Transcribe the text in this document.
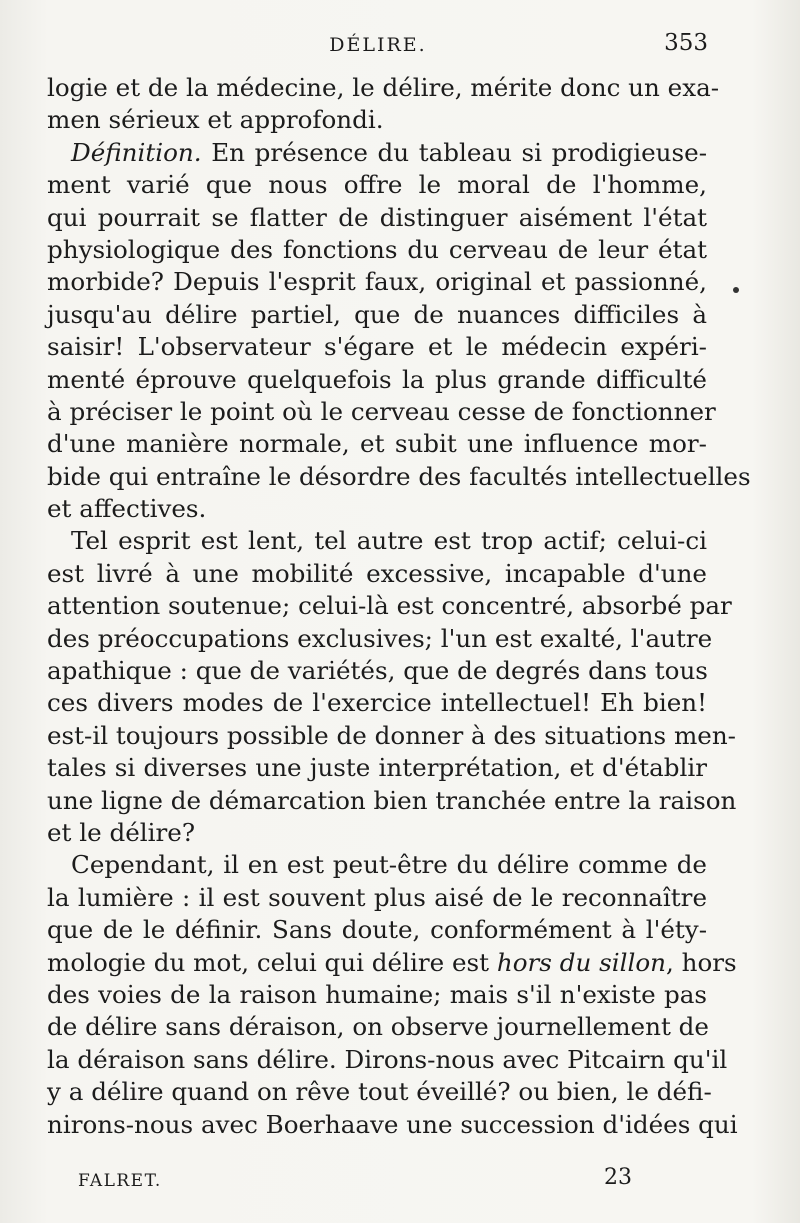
DÉLIRE.	353
logie et de la médecine, le délire, mérite donc un exa-
men sérieux et approfondi.
Définition. En présence du tableau si prodigieuse-
ment varié que nous offre le moral de l'homme,
qui pourrait se flatter de distinguer aisément l'état
physiologique des fonctions du cerveau de leur état
morbide? Depuis l'esprit faux, original et passionné,
jusqu'au délire partiel, que de nuances difficiles à
saisir! L'observateur s'égare et le médecin expéri-
menté éprouve quelquefois la plus grande difficulté
à préciser le point où le cerveau cesse de fonctionner
d'une manière normale, et subit une influence mor-
bide qui entraîne le désordre des facultés intellectuelles
et affectives.
Tel esprit est lent, tel autre est trop actif; celui-ci
est livré à une mobilité excessive, incapable d'une
attention soutenue; celui-là est concentré, absorbé par
des préoccupations exclusives; l'un est exalté, l'autre
apathique : que de variétés, que de degrés dans tous
ces divers modes de l'exercice intellectuel! Eh bien!
est-il toujours possible de donner à des situations men-
tales si diverses une juste interprétation, et d'établir
une ligne de démarcation bien tranchée entre la raison
et le délire?
Cependant, il en est peut-être du délire comme de
la lumière : il est souvent plus aisé de le reconnaître
que de le définir. Sans doute, conformément à l'éty-
mologie du mot, celui qui délire est hors du sillon, hors
des voies de la raison humaine; mais s'il n'existe pas
de délire sans déraison, on observe journellement de
la déraison sans délire. Dirons-nous avec Pitcairn qu'il
y a délire quand on rêve tout éveillé? ou bien, le défi-
nirons-nous avec Boerhaave une succession d'idées qui
FALRET.	23
